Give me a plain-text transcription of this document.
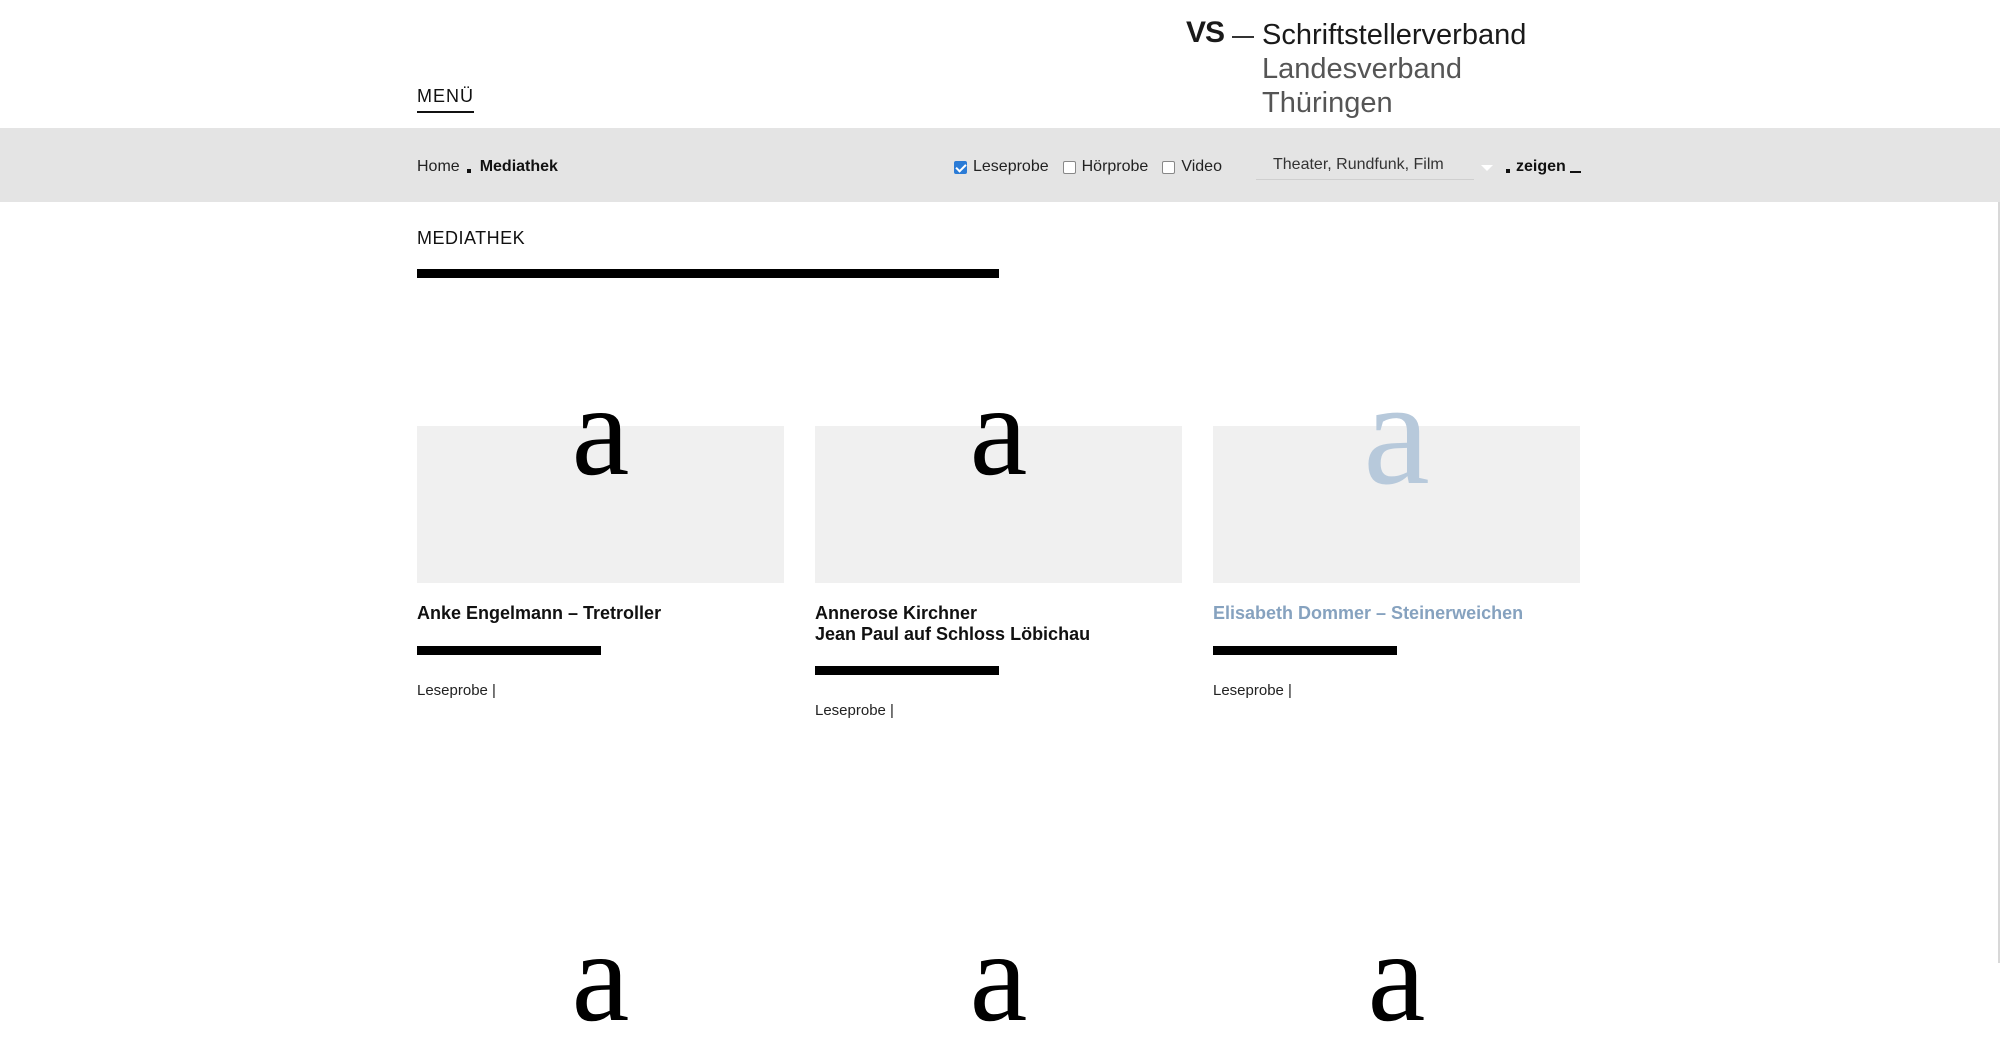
MENÜ
VS Schriftstellerverband
Landesverband
Thüringen
Home Mediathek	Leseprobe Hörprobe Video	Theater, Rundfunk, Film	zeigen
MEDIATHEK
a
Anke Engelmann – Tretroller
Leseprobe |
a
Annerose Kirchner
Jean Paul auf Schloss Löbichau
Leseprobe |
a
Elisabeth Dommer – Steinerweichen
Leseprobe |
a	a	a
